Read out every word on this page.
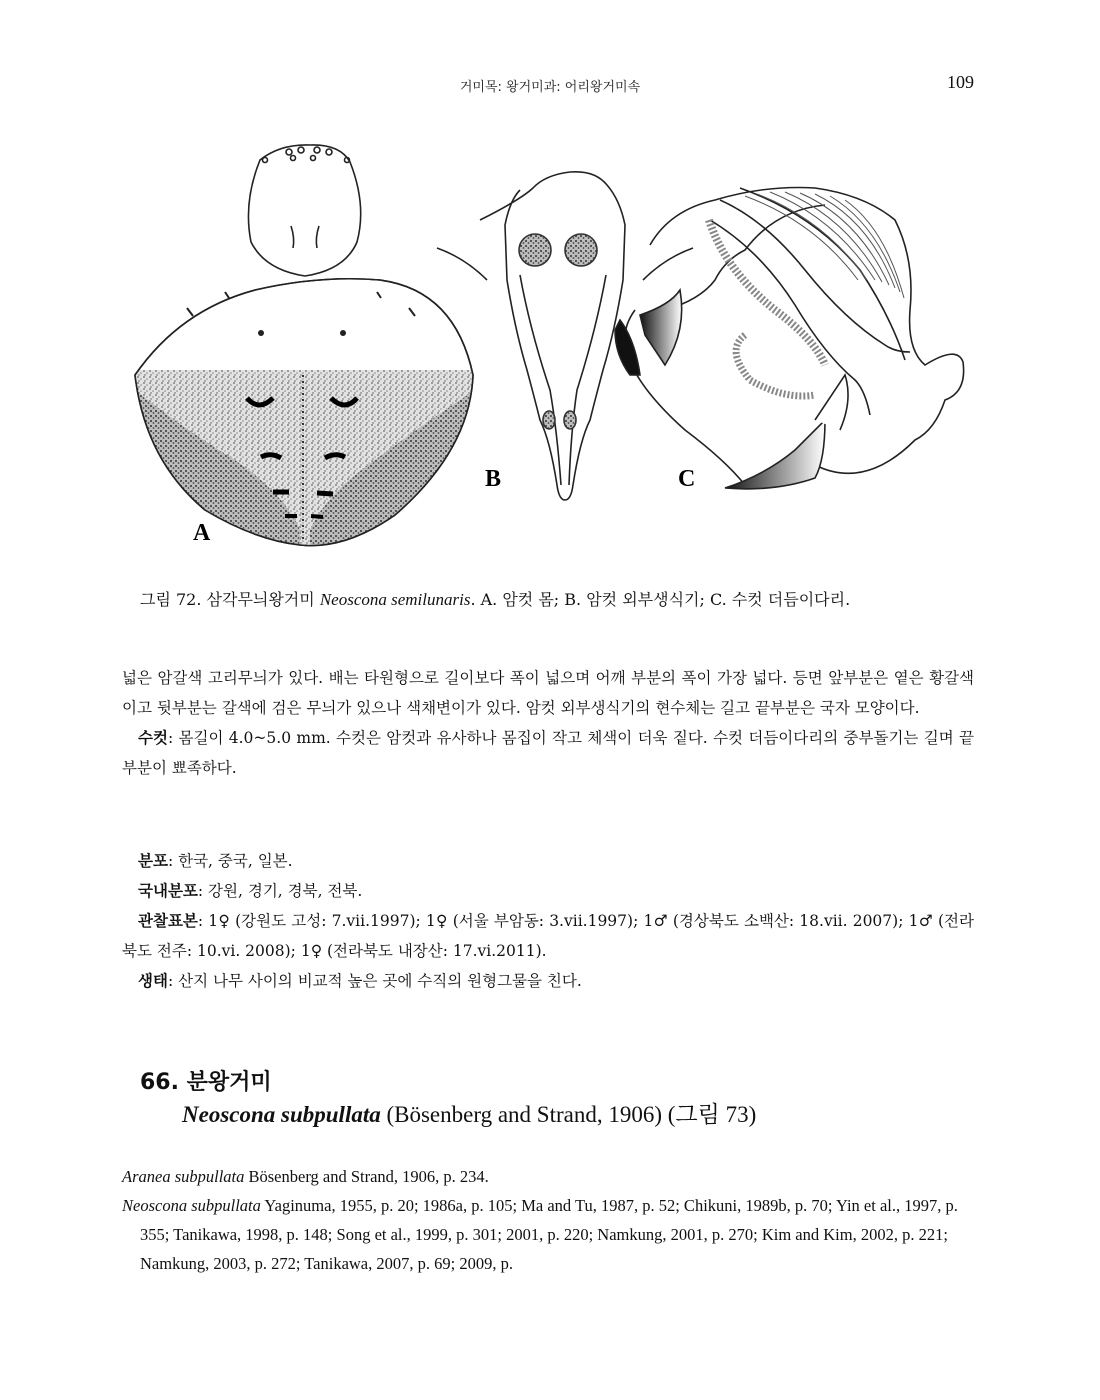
거미목: 왕거미과: 어리왕거미속	109
A
B	C
그림 72. 삼각무늬왕거미 Neoscona semilunaris. A. 암컷 몸; B. 암컷 외부생식기; C. 수컷 더듬이다리.

넓은 암갈색 고리무늬가 있다. 배는 타원형으로 길이보다 폭이 넓으며 어깨 부분의 폭이 가장 넓다. 등면 앞부분은 옅은 황갈색이고 뒷부분는 갈색에 검은 무늬가 있으나 색채변이가 있다. 암컷 외부생식기의 현수체는 길고 끝부분은 국자 모양이다.

수컷: 몸길이 4.0~5.0 mm. 수컷은 암컷과 유사하나 몸집이 작고 체색이 더욱 짙다. 수컷 더듬이다리의 중부돌기는 길며 끝부분이 뾰족하다.

분포: 한국, 중국, 일본.

국내분포: 강원, 경기, 경북, 전북.

관찰표본: 1♀ (강원도 고성: 7.vii.1997); 1♀ (서울 부암동: 3.vii.1997); 1♂ (경상북도 소백산: 18.vii. 2007); 1♂ (전라북도 전주: 10.vi. 2008); 1♀ (전라북도 내장산: 17.vi.2011).

생태: 산지 나무 사이의 비교적 높은 곳에 수직의 원형그물을 친다.

66. 분왕거미
Neoscona subpullata (Bösenberg and Strand, 1906) (그림 73)

Aranea subpullata Bösenberg and Strand, 1906, p. 234.

Neoscona subpullata Yaginuma, 1955, p. 20; 1986a, p. 105; Ma and Tu, 1987, p. 52; Chikuni, 1989b, p. 70; Yin et al., 1997, p. 355; Tanikawa, 1998, p. 148; Song et al., 1999, p. 301; 2001, p. 220; Namkung, 2001, p. 270; Kim and Kim, 2002, p. 221; Namkung, 2003, p. 272; Tanikawa, 2007, p. 69; 2009, p.
